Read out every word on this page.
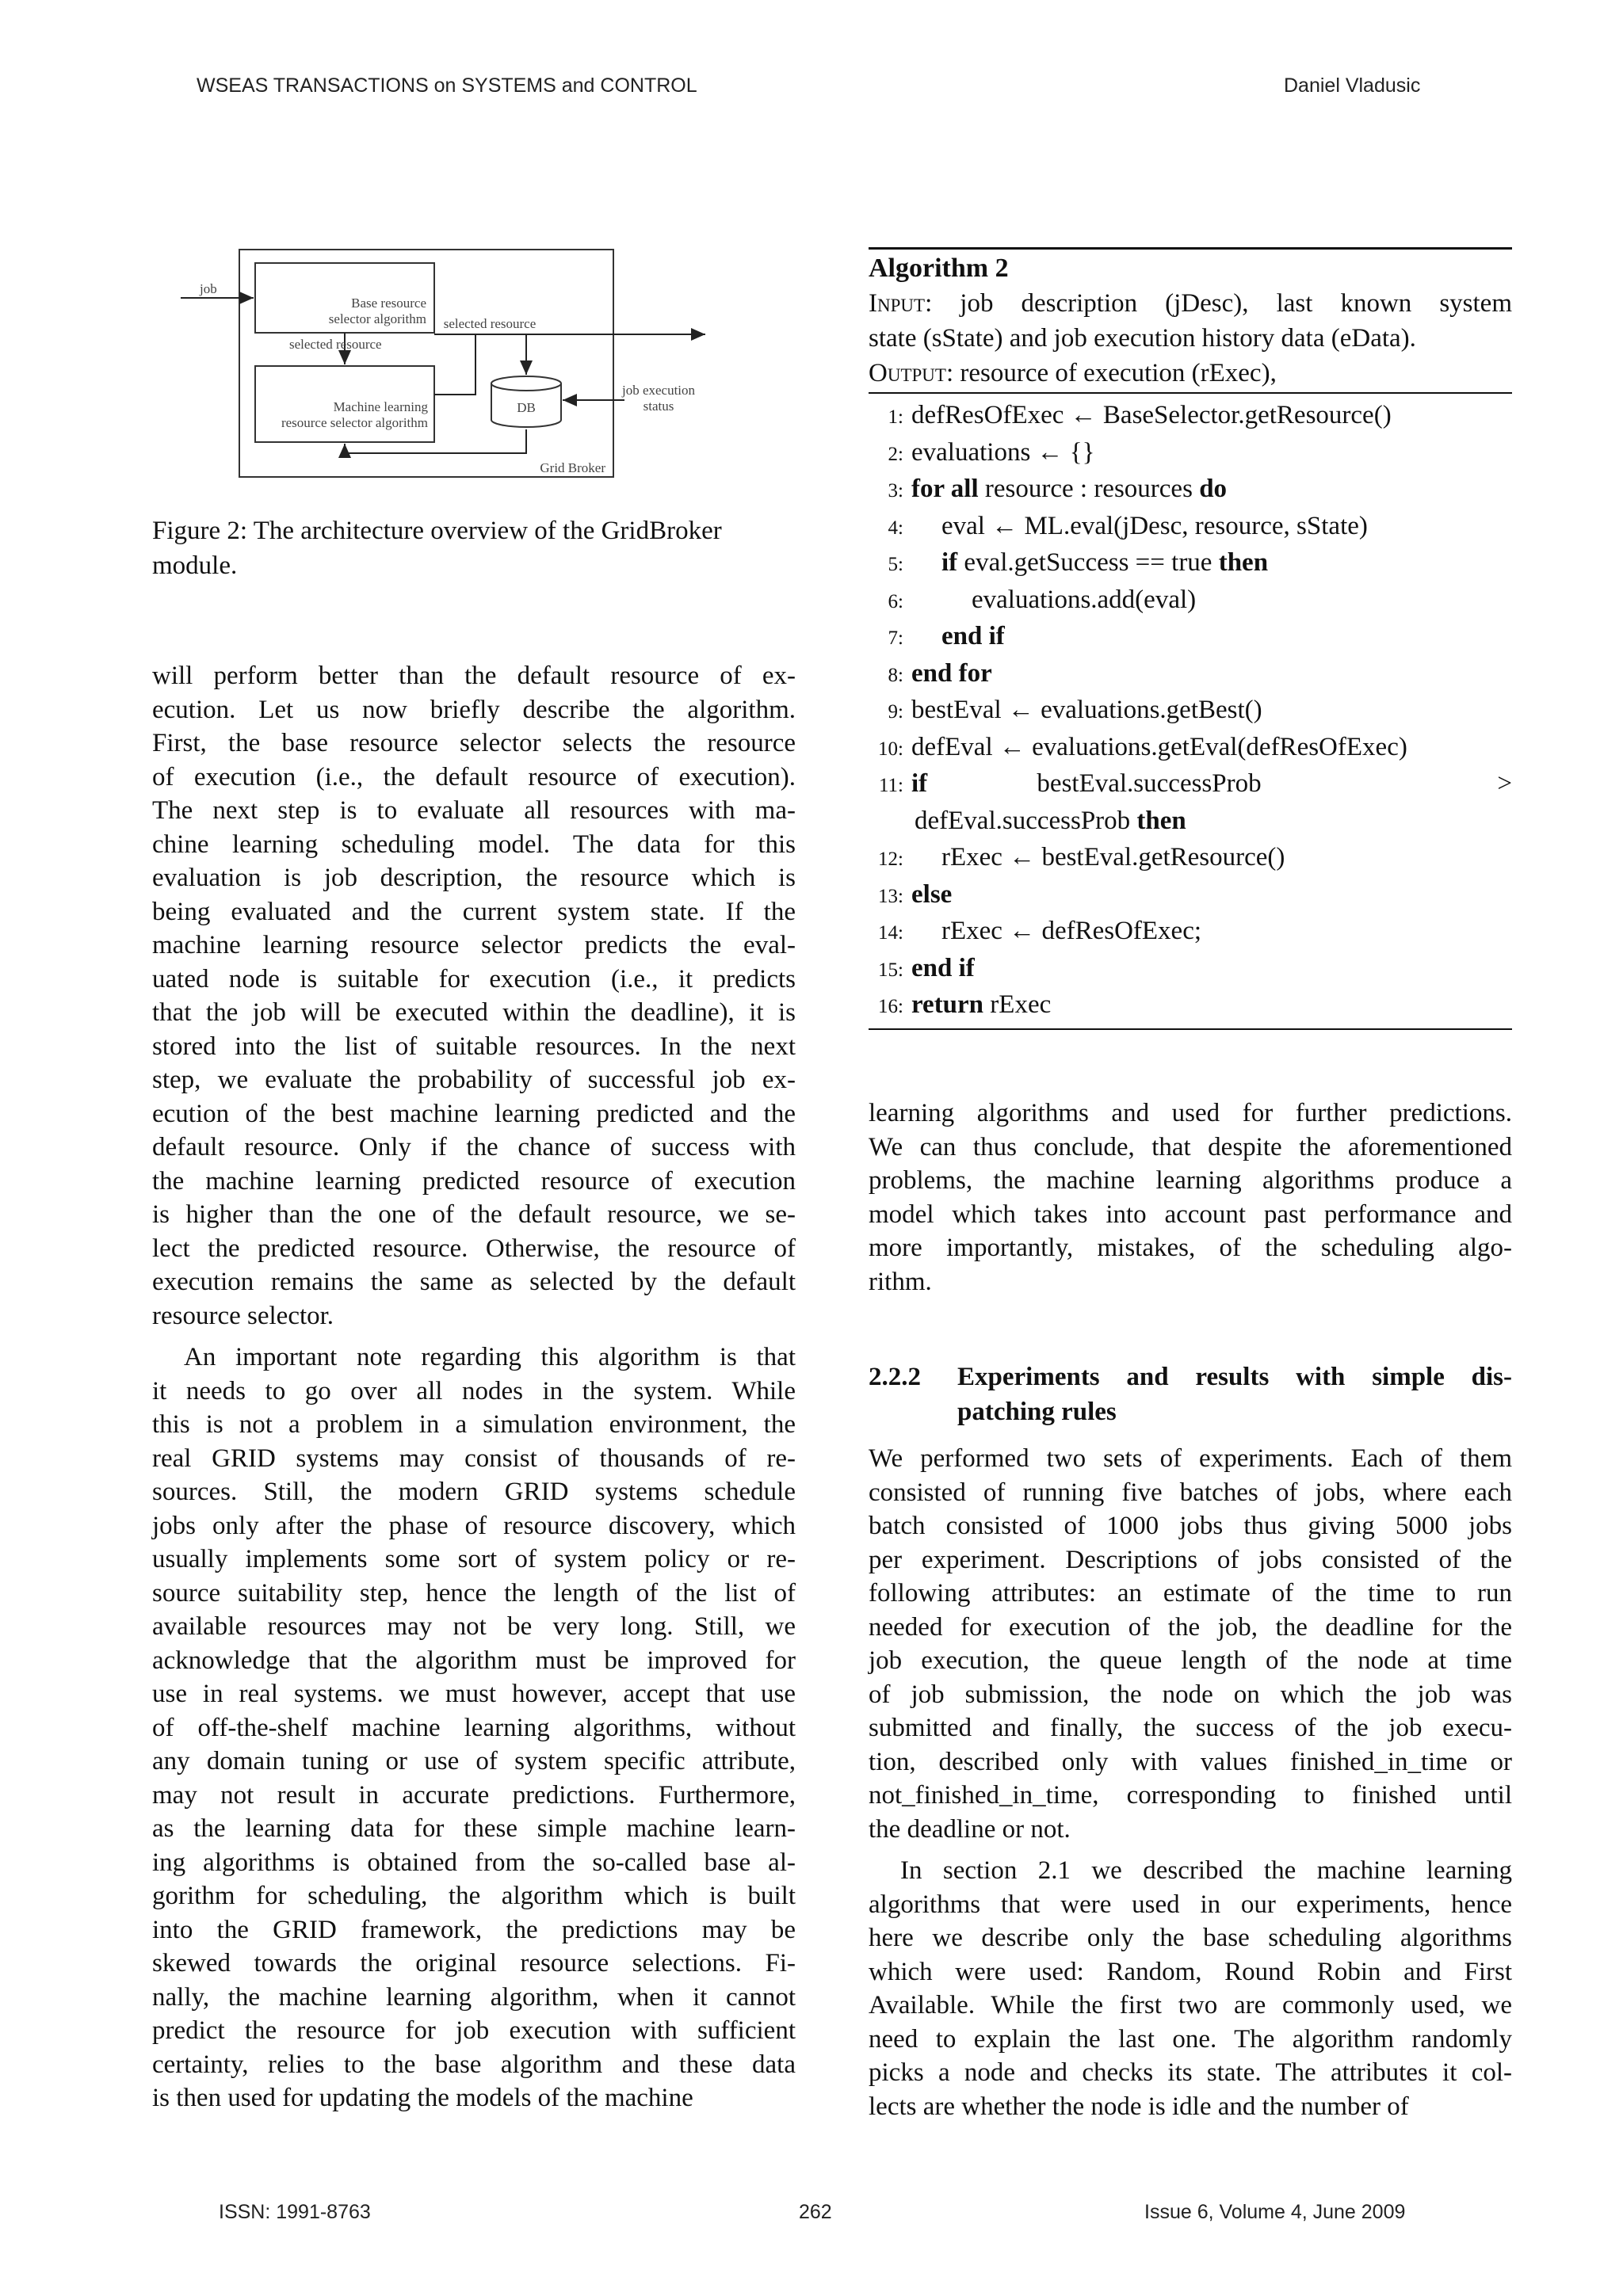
WSEAS TRANSACTIONS on SYSTEMS and CONTROL	Daniel Vladusic
job
Base resource
selector algorithm selected resource
selected resource
Machine learning
resource selector algorithm
DB
job execution
status
Grid Broker
Figure 2: The architecture overview of the GridBroker
module.

will perform better than the default resource of ex-

ecution. Let us now briefly describe the algorithm.

First, the base resource selector selects the resource

of execution (i.e., the default resource of execution).

The next step is to evaluate all resources with ma-

chine learning scheduling model. The data for this

evaluation is job description, the resource which is

being evaluated and the current system state. If the

machine learning resource selector predicts the eval-

uated node is suitable for execution (i.e., it predicts

that the job will be executed within the deadline), it is

stored into the list of suitable resources. In the next

step, we evaluate the probability of successful job ex-

ecution of the best machine learning predicted and the

default resource. Only if the chance of success with

the machine learning predicted resource of execution

is higher than the one of the default resource, we se-

lect the predicted resource. Otherwise, the resource of

execution remains the same as selected by the default

resource selector.

An important note regarding this algorithm is that

it needs to go over all nodes in the system. While

this is not a problem in a simulation environment, the

real GRID systems may consist of thousands of re-

sources. Still, the modern GRID systems schedule

jobs only after the phase of resource discovery, which

usually implements some sort of system policy or re-

source suitability step, hence the length of the list of

available resources may not be very long. Still, we

acknowledge that the algorithm must be improved for

use in real systems. we must however, accept that use

of off-the-shelf machine learning algorithms, without

any domain tuning or use of system specific attribute,

may not result in accurate predictions. Furthermore,

as the learning data for these simple machine learn-

ing algorithms is obtained from the so-called base al-

gorithm for scheduling, the algorithm which is built

into the GRID framework, the predictions may be

skewed towards the original resource selections. Fi-

nally, the machine learning algorithm, when it cannot

predict the resource for job execution with sufficient

certainty, relies to the base algorithm and these data

is then used for updating the models of the machine

Algorithm 2

Input: job description (jDesc), last known system

state (sState) and job execution history data (eData).

Output: resource of execution (rExec),

1: defResOfExec ← BaseSelector.getResource()
2: evaluations ← {}
3: for all resource : resources do
4: eval ← ML.eval(jDesc, resource, sState)
5: if eval.getSuccess == true then
6:	evaluations.add(eval)
7: end if
8: end for
9: bestEval ← evaluations.getBest()
10: defEval ← evaluations.getEval(defResOfExec)
11:	>
if	bestEval.successProb
defEval.successProb then
12: rExec ← bestEval.getResource()
13: else
14: rExec ← defResOfExec;
15: end if
16: return rExec

learning algorithms and used for further predictions.

We can thus conclude, that despite the aforementioned

problems, the machine learning algorithms produce a

model which takes into account past performance and

more importantly, mistakes, of the scheduling algo-

rithm.

2.2.2	Experiments and results with simple dis-
patching rules

We performed two sets of experiments. Each of them

consisted of running five batches of jobs, where each

batch consisted of 1000 jobs thus giving 5000 jobs

per experiment. Descriptions of jobs consisted of the

following attributes: an estimate of the time to run

needed for execution of the job, the deadline for the

job execution, the queue length of the node at time

of job submission, the node on which the job was

submitted and finally, the success of the job execu-

tion, described only with values finished_in_time or

not_finished_in_time, corresponding to finished until

the deadline or not.

In section 2.1 we described the machine learning

algorithms that were used in our experiments, hence

here we describe only the base scheduling algorithms

which were used: Random, Round Robin and First

Available. While the first two are commonly used, we

need to explain the last one. The algorithm randomly

picks a node and checks its state. The attributes it col-

lects are whether the node is idle and the number of

ISSN: 1991-8763	262	Issue 6, Volume 4, June 2009
